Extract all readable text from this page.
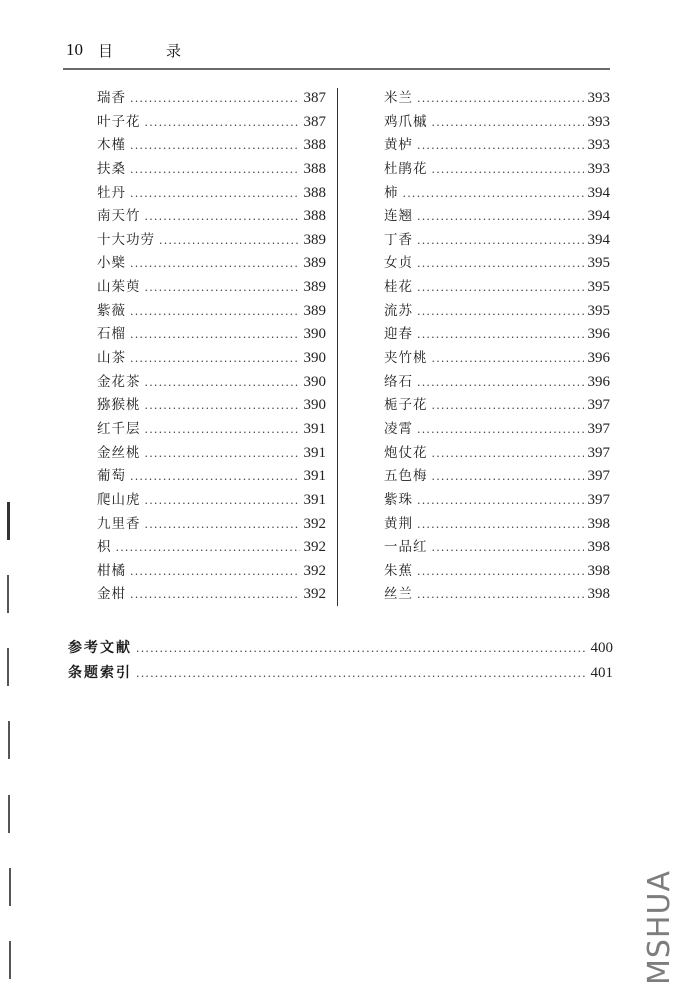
10 目	录
瑞香 .....	387
叶子花 .....	387
木槿 .....	388
扶桑 .....	388
牡丹 .....	388
南天竹 .....	388
十大功劳 .....	389
小檗 .....	389
山茱萸 .....	389
紫薇 .....	389
石榴 .....	390
山茶 .....	390
金花茶 .....	390
猕猴桃 .....	390
红千层 .....	391
金丝桃 .....	391
葡萄 .....	391
爬山虎 .....	391
九里香 .....	392
枳 .....	392
柑橘 .....	392
金柑 .....	392
米兰 .....	393
鸡爪槭 .....	393
黄栌 .....	393
杜鹃花 .....	393
柿 .....	394
连翘 .....	394
丁香 .....	394
女贞 .....	395
桂花 .....	395
流苏 .....	395
迎春 .....	396
夹竹桃 .....	396
络石 .....	396
栀子花 .....	397
凌霄 .....	397
炮仗花 .....	397
五色梅 .....	397
紫珠 .....	397
黄荆 .....	398
一品红 .....	398
朱蕉 .....	398
丝兰 .....	398
参考文献 .....	400
条题索引 .....	401
MSHUA
